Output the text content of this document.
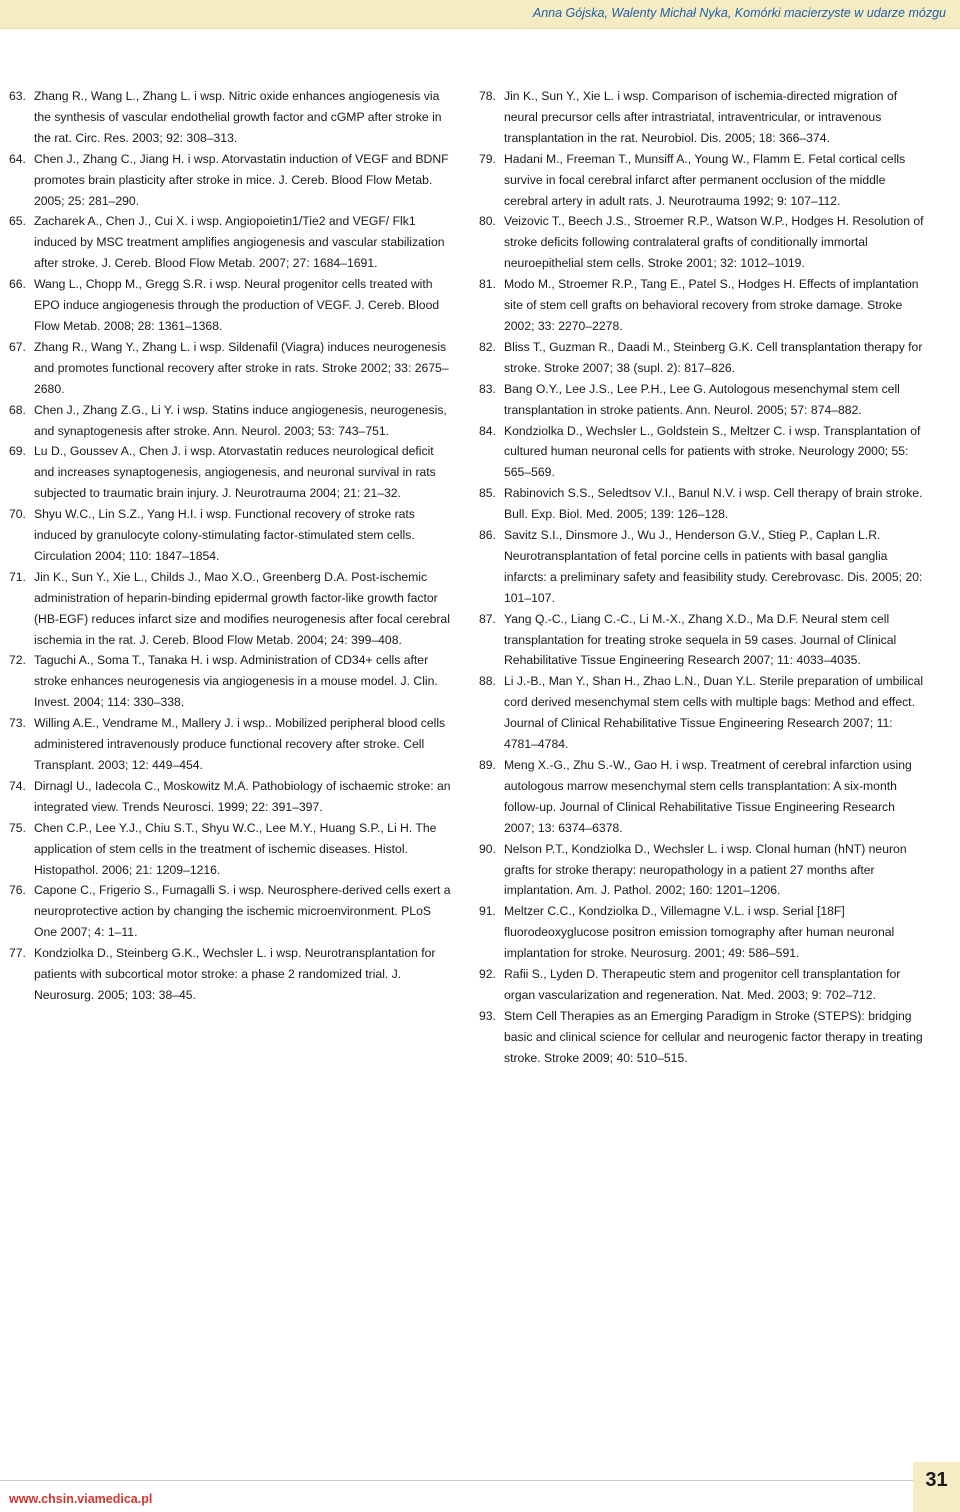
Anna Gójska, Walenty Michał Nyka, Komórki macierzyste w udarze mózgu
63. Zhang R., Wang L., Zhang L. i wsp. Nitric oxide enhances angiogenesis via the synthesis of vascular endothelial growth factor and cGMP after stroke in the rat. Circ. Res. 2003; 92: 308–313.
64. Chen J., Zhang C., Jiang H. i wsp. Atorvastatin induction of VEGF and BDNF promotes brain plasticity after stroke in mice. J. Cereb. Blood Flow Metab. 2005; 25: 281–290.
65. Zacharek A., Chen J., Cui X. i wsp. Angiopoietin1/Tie2 and VEGF/ Flk1 induced by MSC treatment amplifies angiogenesis and vascular stabilization after stroke. J. Cereb. Blood Flow Metab. 2007; 27: 1684–1691.
66. Wang L., Chopp M., Gregg S.R. i wsp. Neural progenitor cells treated with EPO induce angiogenesis through the production of VEGF. J. Cereb. Blood Flow Metab. 2008; 28: 1361–1368.
67. Zhang R., Wang Y., Zhang L. i wsp. Sildenafil (Viagra) induces neurogenesis and promotes functional recovery after stroke in rats. Stroke 2002; 33: 2675–2680.
68. Chen J., Zhang Z.G., Li Y. i wsp. Statins induce angiogenesis, neurogenesis, and synaptogenesis after stroke. Ann. Neurol. 2003; 53: 743–751.
69. Lu D., Goussev A., Chen J. i wsp. Atorvastatin reduces neurological deficit and increases synaptogenesis, angiogenesis, and neuronal survival in rats subjected to traumatic brain injury. J. Neurotrauma 2004; 21: 21–32.
70. Shyu W.C., Lin S.Z., Yang H.I. i wsp. Functional recovery of stroke rats induced by granulocyte colony-stimulating factor-stimulated stem cells. Circulation 2004; 110: 1847–1854.
71. Jin K., Sun Y., Xie L., Childs J., Mao X.O., Greenberg D.A. Post-ischemic administration of heparin-binding epidermal growth factor-like growth factor (HB-EGF) reduces infarct size and modifies neurogenesis after focal cerebral ischemia in the rat. J. Cereb. Blood Flow Metab. 2004; 24: 399–408.
72. Taguchi A., Soma T., Tanaka H. i wsp. Administration of CD34+ cells after stroke enhances neurogenesis via angiogenesis in a mouse model. J. Clin. Invest. 2004; 114: 330–338.
73. Willing A.E., Vendrame M., Mallery J. i wsp.. Mobilized peripheral blood cells administered intravenously produce functional recovery after stroke. Cell Transplant. 2003; 12: 449–454.
74. Dirnagl U., Iadecola C., Moskowitz M.A. Pathobiology of ischaemic stroke: an integrated view. Trends Neurosci. 1999; 22: 391–397.
75. Chen C.P., Lee Y.J., Chiu S.T., Shyu W.C., Lee M.Y., Huang S.P., Li H. The application of stem cells in the treatment of ischemic diseases. Histol. Histopathol. 2006; 21: 1209–1216.
76. Capone C., Frigerio S., Fumagalli S. i wsp. Neurosphere-derived cells exert a neuroprotective action by changing the ischemic microenvironment. PLoS One 2007; 4: 1–11.
77. Kondziolka D., Steinberg G.K., Wechsler L. i wsp. Neurotransplantation for patients with subcortical motor stroke: a phase 2 randomized trial. J. Neurosurg. 2005; 103: 38–45.
78. Jin K., Sun Y., Xie L. i wsp. Comparison of ischemia-directed migration of neural precursor cells after intrastriatal, intraventricular, or intravenous transplantation in the rat. Neurobiol. Dis. 2005; 18: 366–374.
79. Hadani M., Freeman T., Munsiff A., Young W., Flamm E. Fetal cortical cells survive in focal cerebral infarct after permanent occlusion of the middle cerebral artery in adult rats. J. Neurotrauma 1992; 9: 107–112.
80. Veizovic T., Beech J.S., Stroemer R.P., Watson W.P., Hodges H. Resolution of stroke deficits following contralateral grafts of conditionally immortal neuroepithelial stem cells. Stroke 2001; 32: 1012–1019.
81. Modo M., Stroemer R.P., Tang E., Patel S., Hodges H. Effects of implantation site of stem cell grafts on behavioral recovery from stroke damage. Stroke 2002; 33: 2270–2278.
82. Bliss T., Guzman R., Daadi M., Steinberg G.K. Cell transplantation therapy for stroke. Stroke 2007; 38 (supl. 2): 817–826.
83. Bang O.Y., Lee J.S., Lee P.H., Lee G. Autologous mesenchymal stem cell transplantation in stroke patients. Ann. Neurol. 2005; 57: 874–882.
84. Kondziolka D., Wechsler L., Goldstein S., Meltzer C. i wsp. Transplantation of cultured human neuronal cells for patients with stroke. Neurology 2000; 55: 565–569.
85. Rabinovich S.S., Seledtsov V.I., Banul N.V. i wsp. Cell therapy of brain stroke. Bull. Exp. Biol. Med. 2005; 139: 126–128.
86. Savitz S.I., Dinsmore J., Wu J., Henderson G.V., Stieg P., Caplan L.R. Neurotransplantation of fetal porcine cells in patients with basal ganglia infarcts: a preliminary safety and feasibility study. Cerebrovasc. Dis. 2005; 20: 101–107.
87. Yang Q.-C., Liang C.-C., Li M.-X., Zhang X.D., Ma D.F. Neural stem cell transplantation for treating stroke sequela in 59 cases. Journal of Clinical Rehabilitative Tissue Engineering Research 2007; 11: 4033–4035.
88. Li J.-B., Man Y., Shan H., Zhao L.N., Duan Y.L. Sterile preparation of umbilical cord derived mesenchymal stem cells with multiple bags: Method and effect. Journal of Clinical Rehabilitative Tissue Engineering Research 2007; 11: 4781–4784.
89. Meng X.-G., Zhu S.-W., Gao H. i wsp. Treatment of cerebral infarction using autologous marrow mesenchymal stem cells transplantation: A six-month follow-up. Journal of Clinical Rehabilitative Tissue Engineering Research 2007; 13: 6374–6378.
90. Nelson P.T., Kondziolka D., Wechsler L. i wsp. Clonal human (hNT) neuron grafts for stroke therapy: neuropathology in a patient 27 months after implantation. Am. J. Pathol. 2002; 160: 1201–1206.
91. Meltzer C.C., Kondziolka D., Villemagne V.L. i wsp. Serial [18F] fluorodeoxyglucose positron emission tomography after human neuronal implantation for stroke. Neurosurg. 2001; 49: 586–591.
92. Rafii S., Lyden D. Therapeutic stem and progenitor cell transplantation for organ vascularization and regeneration. Nat. Med. 2003; 9: 702–712.
93. Stem Cell Therapies as an Emerging Paradigm in Stroke (STEPS): bridging basic and clinical science for cellular and neurogenic factor therapy in treating stroke. Stroke 2009; 40: 510–515.
www.chsin.viamedica.pl
31
